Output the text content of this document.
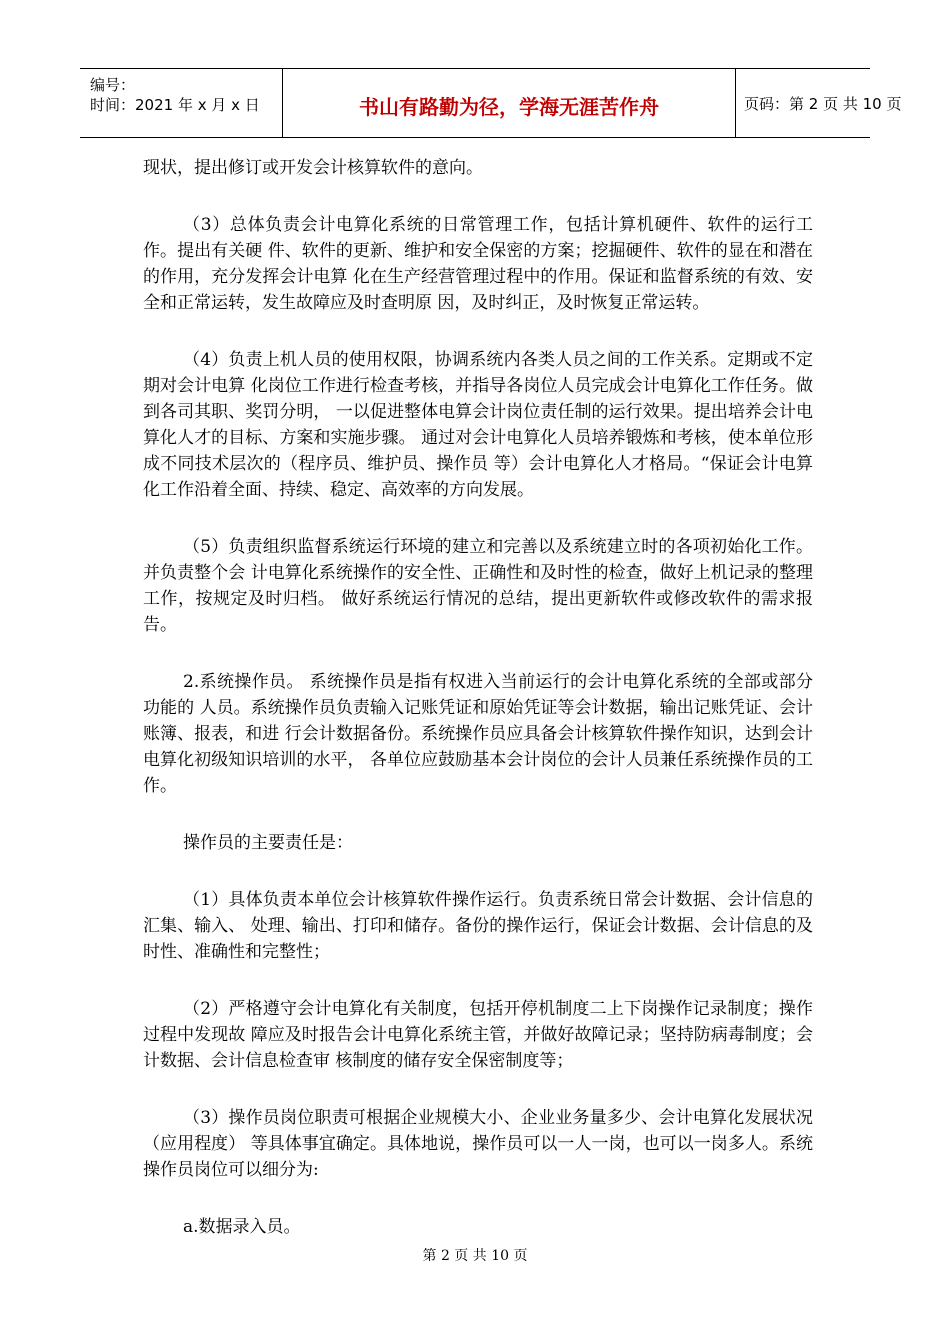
编号：
时间：2021 年 x 月 x 日	书山有路勤为径，学海无涯苦作舟	页码：第 2 页 共 10 页

现状，提出修订或开发会计核算软件的意向。

（3）总体负责会计电算化系统的日常管理工作，包括计算机硬件、软件的运行工作。提出有关硬 件、软件的更新、维护和安全保密的方案；挖掘硬件、软件的显在和潜在的作用，充分发挥会计电算 化在生产经营管理过程中的作用。保证和监督系统的有效、安全和正常运转，发生故障应及时查明原 因，及时纠正，及时恢复正常运转。

（4）负责上机人员的使用权限，协调系统内各类人员之间的工作关系。定期或不定期对会计电算 化岗位工作进行检查考核，并指导各岗位人员完成会计电算化工作任务。做到各司其职、奖罚分明， 一以促进整体电算会计岗位责任制的运行效果。提出培养会计电算化人才的目标、方案和实施步骤。 通过对会计电算化人员培养锻炼和考核，使本单位形成不同技术层次的（程序员、维护员、操作员 等）会计电算化人才格局。“保证会计电算化工作沿着全面、持续、稳定、高效率的方向发展。

（5）负责组织监督系统运行环境的建立和完善以及系统建立时的各项初始化工作。并负责整个会 计电算化系统操作的安全性、正确性和及时性的检查，做好上机记录的整理工作，按规定及时归档。 做好系统运行情况的总结，提出更新软件或修改软件的需求报告。

2.系统操作员。 系统操作员是指有权进入当前运行的会计电算化系统的全部或部分功能的 人员。系统操作员负责输入记账凭证和原始凭证等会计数据，输出记账凭证、会计账簿、报表，和进 行会计数据备份。系统操作员应具备会计核算软件操作知识，达到会计电算化初级知识培训的水平， 各单位应鼓励基本会计岗位的会计人员兼任系统操作员的工作。

操作员的主要责任是：

（1）具体负责本单位会计核算软件操作运行。负责系统日常会计数据、会计信息的汇集、输入、 处理、输出、打印和储存。备份的操作运行，保证会计数据、会计信息的及时性、准确性和完整性；

（2）严格遵守会计电算化有关制度，包括开停机制度二上下岗操作记录制度；操作过程中发现故 障应及时报告会计电算化系统主管，并做好故障记录；坚持防病毒制度；会计数据、会计信息检查审 核制度的储存安全保密制度等；

（3）操作员岗位职责可根据企业规模大小、企业业务量多少、会计电算化发展状况（应用程度） 等具体事宜确定。具体地说，操作员可以一人一岗，也可以一岗多人。系统操作员岗位可以细分为:

a.数据录入员。

第 2 页 共 10 页
